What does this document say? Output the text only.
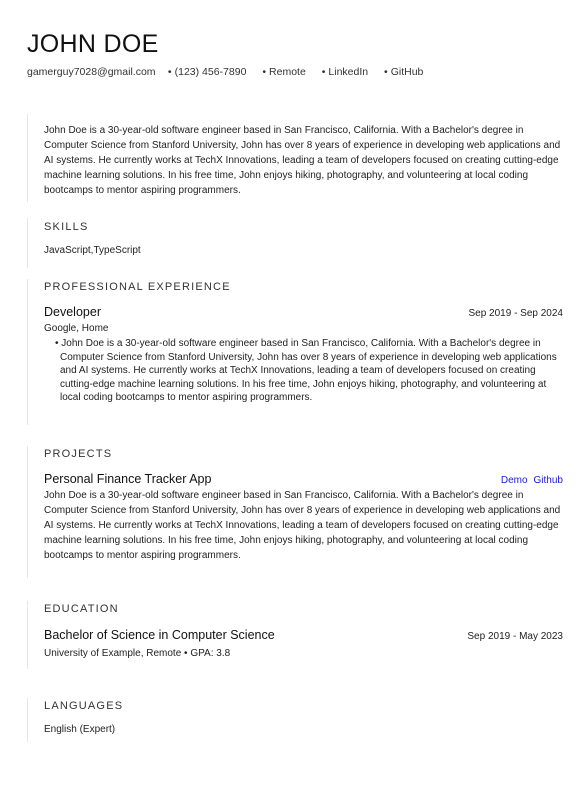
JOHN DOE
gamerguy7028@gmail.com • (123) 456-7890 • Remote • LinkedIn • GitHub
John Doe is a 30-year-old software engineer based in San Francisco, California. With a Bachelor's degree in Computer Science from Stanford University, John has over 8 years of experience in developing web applications and AI systems. He currently works at TechX Innovations, leading a team of developers focused on creating cutting-edge machine learning solutions. In his free time, John enjoys hiking, photography, and volunteering at local coding bootcamps to mentor aspiring programmers.
SKILLS
JavaScript,TypeScript
PROFESSIONAL EXPERIENCE
Developer	Sep 2019 - Sep 2024
Google, Home
• John Doe is a 30-year-old software engineer based in San Francisco, California. With a Bachelor's degree in Computer Science from Stanford University, John has over 8 years of experience in developing web applications and AI systems. He currently works at TechX Innovations, leading a team of developers focused on creating cutting-edge machine learning solutions. In his free time, John enjoys hiking, photography, and volunteering at local coding bootcamps to mentor aspiring programmers.
PROJECTS
Personal Finance Tracker App	Demo Github
John Doe is a 30-year-old software engineer based in San Francisco, California. With a Bachelor's degree in Computer Science from Stanford University, John has over 8 years of experience in developing web applications and AI systems. He currently works at TechX Innovations, leading a team of developers focused on creating cutting-edge machine learning solutions. In his free time, John enjoys hiking, photography, and volunteering at local coding bootcamps to mentor aspiring programmers.
EDUCATION
Bachelor of Science in Computer Science	Sep 2019 - May 2023
University of Example, Remote • GPA: 3.8
LANGUAGES
English (Expert)
